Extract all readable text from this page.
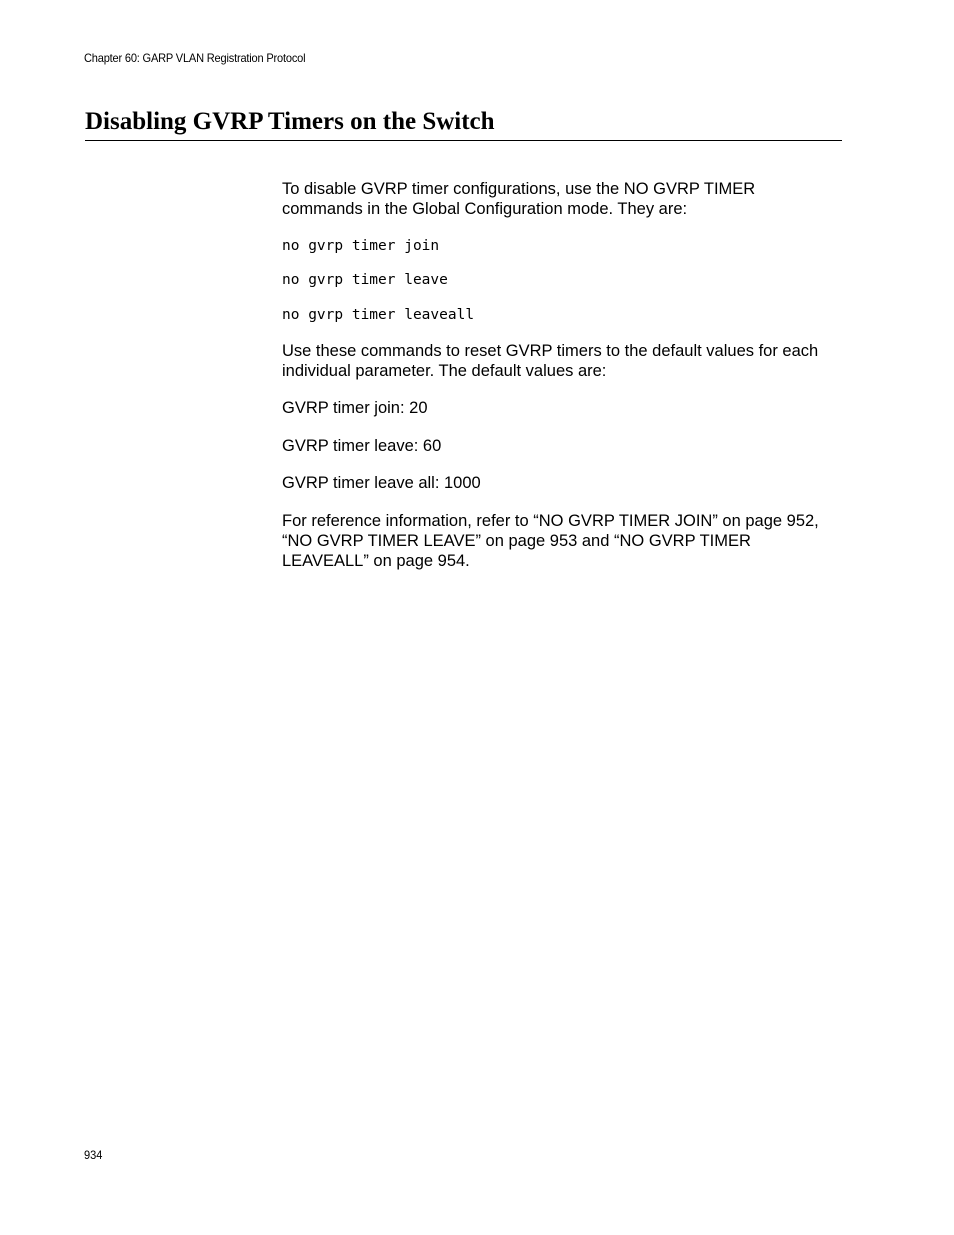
Chapter 60: GARP VLAN Registration Protocol
Disabling GVRP Timers on the Switch

To disable GVRP timer configurations, use the NO GVRP TIMER
commands in the Global Configuration mode. They are:

no gvrp timer join
no gvrp timer leave
no gvrp timer leaveall

Use these commands to reset GVRP timers to the default values for each
individual parameter. The default values are:

GVRP timer join: 20

GVRP timer leave: 60

GVRP timer leave all: 1000

For reference information, refer to “NO GVRP TIMER JOIN” on page 952,
“NO GVRP TIMER LEAVE” on page 953 and “NO GVRP TIMER
LEAVEALL” on page 954.

934
